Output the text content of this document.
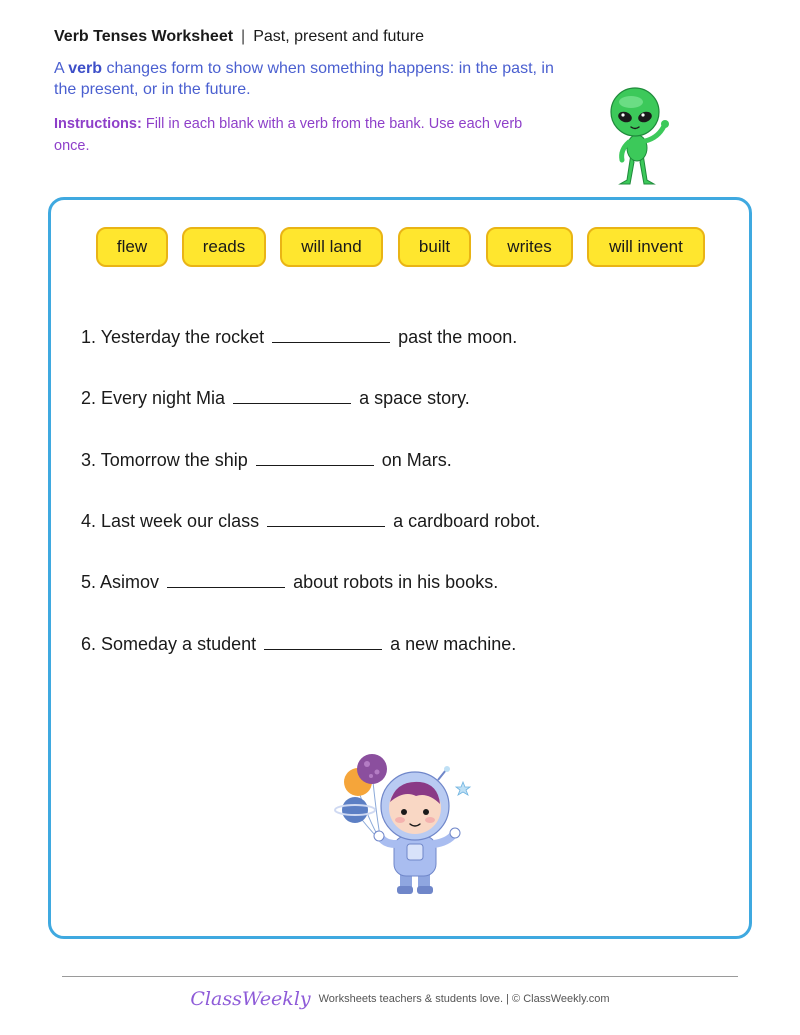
Verb Tenses Worksheet | Past, present and future
A verb changes form to show when something happens: in the past, in the present, or in the future.
Instructions: Fill in each blank with a verb from the bank. Use each verb once.
flew	reads	will land	built	writes	will invent
1. Yesterday the rocket	past the moon.
2. Every night Mia	a space story.
3. Tomorrow the ship	on Mars.
4. Last week our class	a cardboard robot.
5. Asimov	about robots in his books.
6. Someday a student	a new machine.
ClassWeekly Worksheets teachers & students love. | © ClassWeekly.com
